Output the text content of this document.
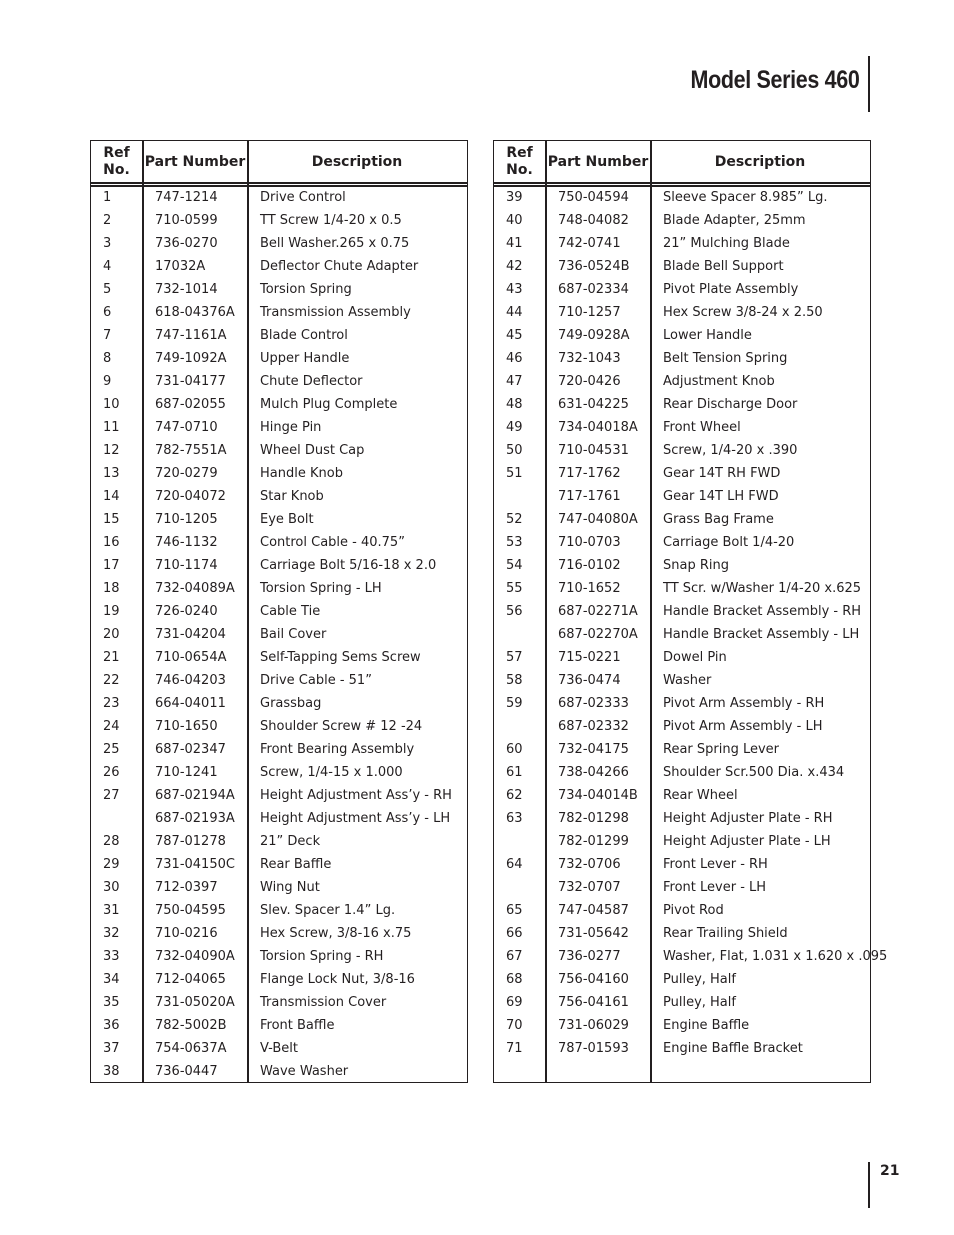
Model Series 460
Ref
No.
Part Number	Description
1	747-1214	Drive Control
2	710-0599	TT Screw 1/4-20 x 0.5
3	736-0270	Bell Washer.265 x 0.75
4	17032A	Deflector Chute Adapter
5	732-1014	Torsion Spring
6	618-04376A Transmission Assembly
7	747-1161A	Blade Control
8	749-1092A	Upper Handle
9	731-04177	Chute Deflector
10	687-02055	Mulch Plug Complete
11	747-0710	Hinge Pin
12	782-7551A	Wheel Dust Cap
13	720-0279	Handle Knob
14	720-04072	Star Knob
15	710-1205	Eye Bolt
16	746-1132	Control Cable - 40.75”
17	710-1174	Carriage Bolt 5/16-18 x 2.0
18	732-04089A Torsion Spring - LH
19	726-0240	Cable Tie
20	731-04204	Bail Cover
21	710-0654A	Self-Tapping Sems Screw
22	746-04203	Drive Cable - 51”
23	664-04011	Grassbag
24	710-1650	Shoulder Screw # 12 -24
25	687-02347	Front Bearing Assembly
26	710-1241	Screw, 1/4-15 x 1.000
27	687-02194A Height Adjustment Ass’y - RH
687-02193A Height Adjustment Ass’y - LH
28	787-01278	21” Deck
29	731-04150C Rear Baffle
30	712-0397	Wing Nut
31	750-04595	Slev. Spacer 1.4” Lg.
32	710-0216	Hex Screw, 3/8-16 x.75
33	732-04090A Torsion Spring - RH
34	712-04065	Flange Lock Nut, 3/8-16
35	731-05020A Transmission Cover
36	782-5002B	Front Baffle
37	754-0637A	V-Belt
38	736-0447	Wave Washer
Ref
No.
Part Number	Description
39	750-04594	Sleeve Spacer 8.985” Lg.
40	748-04082	Blade Adapter, 25mm
41	742-0741	21” Mulching Blade
42	736-0524B	Blade Bell Support
43	687-02334	Pivot Plate Assembly
44	710-1257	Hex Screw 3/8-24 x 2.50
45	749-0928A	Lower Handle
46	732-1043	Belt Tension Spring
47	720-0426	Adjustment Knob
48	631-04225	Rear Discharge Door
49	734-04018A Front Wheel
50	710-04531	Screw, 1/4-20 x .390
51	717-1762	Gear 14T RH FWD
717-1761	Gear 14T LH FWD
52	747-04080A Grass Bag Frame
53	710-0703	Carriage Bolt 1/4-20
54	716-0102	Snap Ring
55	710-1652	TT Scr. w/Washer 1/4-20 x.625
56	687-02271A Handle Bracket Assembly - RH
687-02270A Handle Bracket Assembly - LH
57	715-0221	Dowel Pin
58	736-0474	Washer
59	687-02333	Pivot Arm Assembly - RH
687-02332	Pivot Arm Assembly - LH
60	732-04175	Rear Spring Lever
61	738-04266	Shoulder Scr.500 Dia. x.434
62	734-04014B Rear Wheel
63	782-01298	Height Adjuster Plate - RH
782-01299	Height Adjuster Plate - LH
64	732-0706	Front Lever - RH
732-0707	Front Lever - LH
65	747-04587	Pivot Rod
66	731-05642	Rear Trailing Shield
67	736-0277	Washer, Flat, 1.031 x 1.620 x .095
68	756-04160	Pulley, Half
69	756-04161	Pulley, Half
70	731-06029	Engine Baffle
71	787-01593	Engine Baffle Bracket
21
